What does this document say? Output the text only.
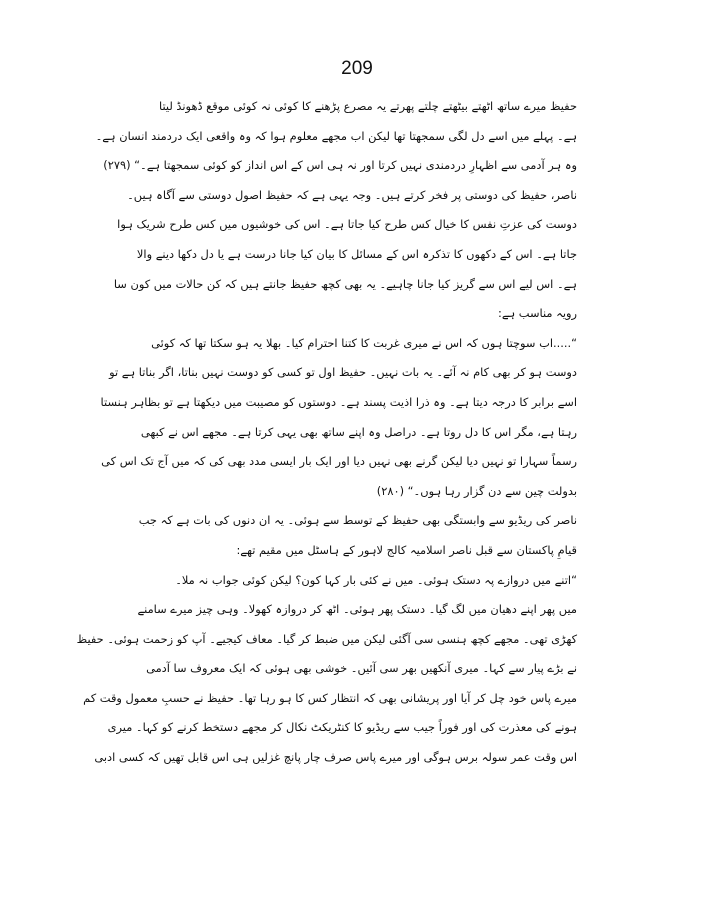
209
حفیظ میرے ساتھ اٹھتے بیٹھتے چلتے پھرتے یہ مصرع پڑھنے کا کوئی نہ کوئی موقع ڈھونڈ لیتا
ہے۔ پہلے میں اسے دل لگی سمجھتا تھا لیکن اب مجھے معلوم ہوا کہ وہ واقعی ایک دردمند انسان ہے۔
وہ ہر آدمی سے اظہارِ دردمندی نہیں کرتا اور نہ ہی اس کے اس انداز کو کوئی سمجھتا ہے۔“ (۲۷۹)
ناصر، حفیظ کی دوستی پر فخر کرتے ہیں۔ وجہ یہی ہے کہ حفیظ اصول دوستی سے آگاہ ہیں۔
دوست کی عزتِ نفس کا خیال کس طرح کیا جاتا ہے۔ اس کی خوشیوں میں کس طرح شریک ہوا
جاتا ہے۔ اس کے دکھوں کا تذکرہ اس کے مسائل کا بیان کیا جانا درست ہے یا دل دکھا دینے والا
ہے۔ اس لیے اس سے گریز کیا جانا چاہیے۔ یہ بھی کچھ حفیظ جانتے ہیں کہ کن حالات میں کون سا
رویہ مناسب ہے:
“.....اب سوچتا ہوں کہ اس نے میری غربت کا کتنا احترام کیا۔ بھلا یہ ہو سکتا تھا کہ کوئی
دوست ہو کر بھی کام نہ آئے۔ یہ بات نہیں۔ حفیظ اول تو کسی کو دوست نہیں بناتا، اگر بناتا ہے تو
اسے برابر کا درجہ دیتا ہے۔ وہ ذرا اذیت پسند ہے۔ دوستوں کو مصیبت میں دیکھتا ہے تو بظاہر ہنستا
رہتا ہے، مگر اس کا دل روتا ہے۔ دراصل وہ اپنے ساتھ بھی یہی کرتا ہے۔ مجھے اس نے کبھی
رسماً سہارا تو نہیں دیا لیکن گرنے بھی نہیں دیا اور ایک بار ایسی مدد بھی کی کہ میں آج تک اس کی
بدولت چین سے دن گزار رہا ہوں۔“ (۲۸۰)
ناصر کی ریڈیو سے وابستگی بھی حفیظ کے توسط سے ہوئی۔ یہ ان دنوں کی بات ہے کہ جب
قیامِ پاکستان سے قبل ناصر اسلامیہ کالج لاہور کے ہاسٹل میں مقیم تھے:
“اتنے میں دروازے پہ دستک ہوئی۔ میں نے کئی بار کہا کون؟ لیکن کوئی جواب نہ ملا۔
میں پھر اپنے دھیان میں لگ گیا۔ دستک پھر ہوئی۔ اٹھ کر دروازہ کھولا۔ وہی چیز میرے سامنے
کھڑی تھی۔ مجھے کچھ ہنسی سی آگئی لیکن میں ضبط کر گیا۔ معاف کیجیے۔ آپ کو زحمت ہوئی۔ حفیظ
نے بڑے پیار سے کہا۔ میری آنکھیں بھر سی آئیں۔ خوشی بھی ہوئی کہ ایک معروف سا آدمی
میرے پاس خود چل کر آیا اور پریشانی بھی کہ انتظار کس کا ہو رہا تھا۔ حفیظ نے حسبِ معمول وقت کم
ہونے کی معذرت کی اور فوراً جیب سے ریڈیو کا کنٹریکٹ نکال کر مجھے دستخط کرنے کو کہا۔ میری
اس وقت عمر سولہ برس ہوگی اور میرے پاس صرف چار پانچ غزلیں ہی اس قابل تھیں کہ کسی ادبی
